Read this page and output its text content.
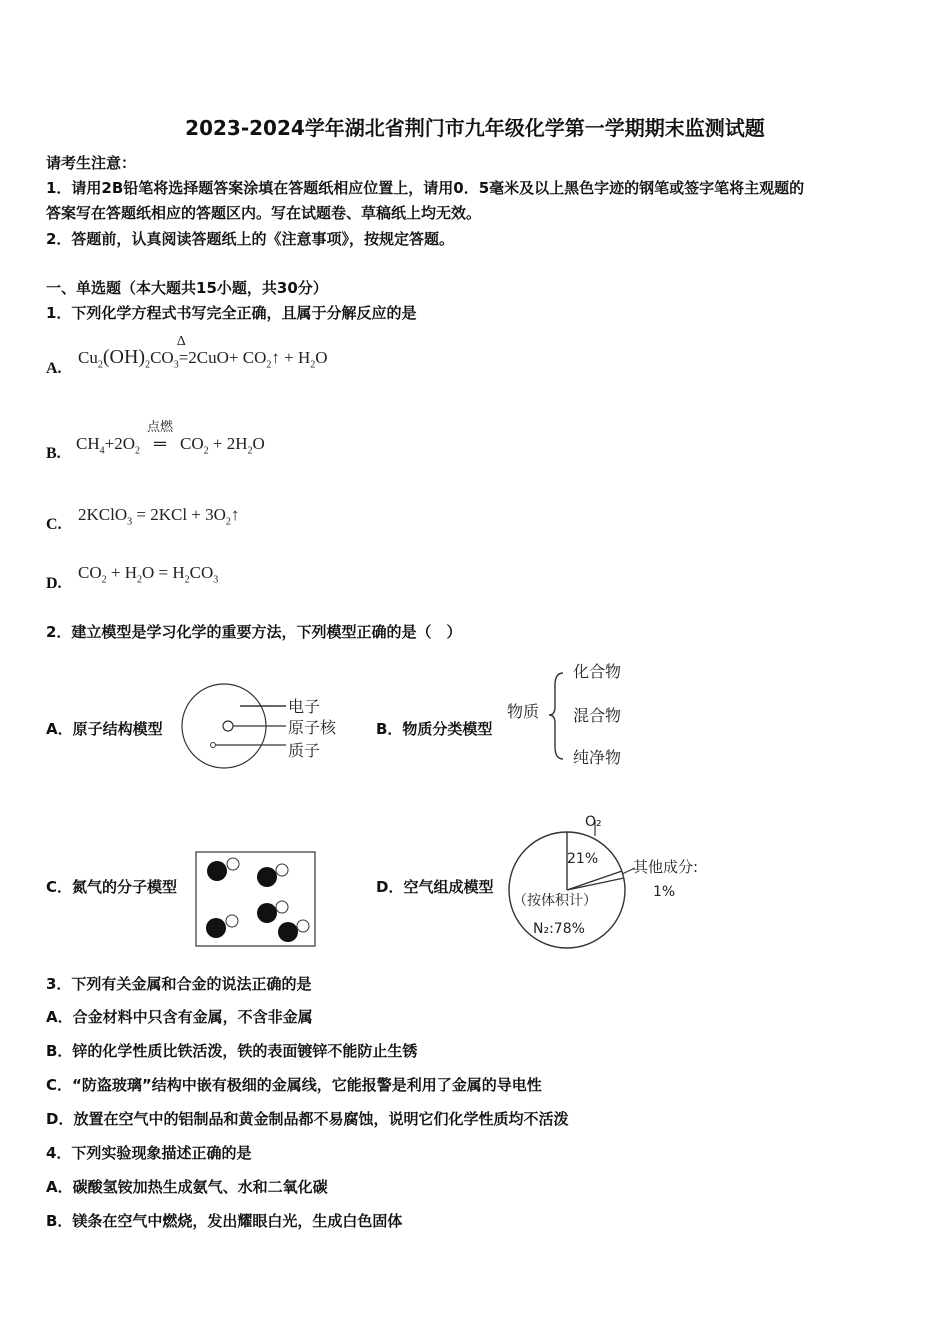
2023-2024学年湖北省荆门市九年级化学第一学期期末监测试题
请考生注意：
1．请用2B铅笔将选择题答案涂填在答题纸相应位置上，请用0．5毫米及以上黑色字迹的钢笔或签字笔将主观题的
答案写在答题纸相应的答题区内。写在试题卷、草稿纸上均无效。
2．答题前，认真阅读答题纸上的《注意事项》，按规定答题。
一、单选题（本大题共15小题，共30分）
1．下列化学方程式书写完全正确，且属于分解反应的是
A.
$Cu_2(OH)_2CO_3$
Δ
$=2CuO+ CO_2↑ + H_2O$
B.
$CH_4+2O_2$
点燃
═ $CO_2 + 2H_2O$
C.
2KClO$_3$ = $2KCl + 3O_2↑$
D.
$CO_2 + H_2O = H_2CO_3$
2．建立模型是学习化学的重要方法，下列模型正确的是（　）
A．原子结构模型
电子
原子核
质子
B．物质分类模型
物质
化合物
混合物
纯净物
C．氮气的分子模型	D．空气组成模型
O₂
21% 其他成分:
1%
（按体积计）
N₂:78%
3．下列有关金属和合金的说法正确的是
A．合金材料中只含有金属，不含非金属
B．锌的化学性质比铁活泼，铁的表面镀锌不能防止生锈
C．“防盗玻璃”结构中嵌有极细的金属线，它能报警是利用了金属的导电性
D．放置在空气中的铝制品和黄金制品都不易腐蚀，说明它们化学性质均不活泼
4．下列实验现象描述正确的是
A．碳酸氢铵加热生成氨气、水和二氧化碳
B．镁条在空气中燃烧，发出耀眼白光，生成白色固体
